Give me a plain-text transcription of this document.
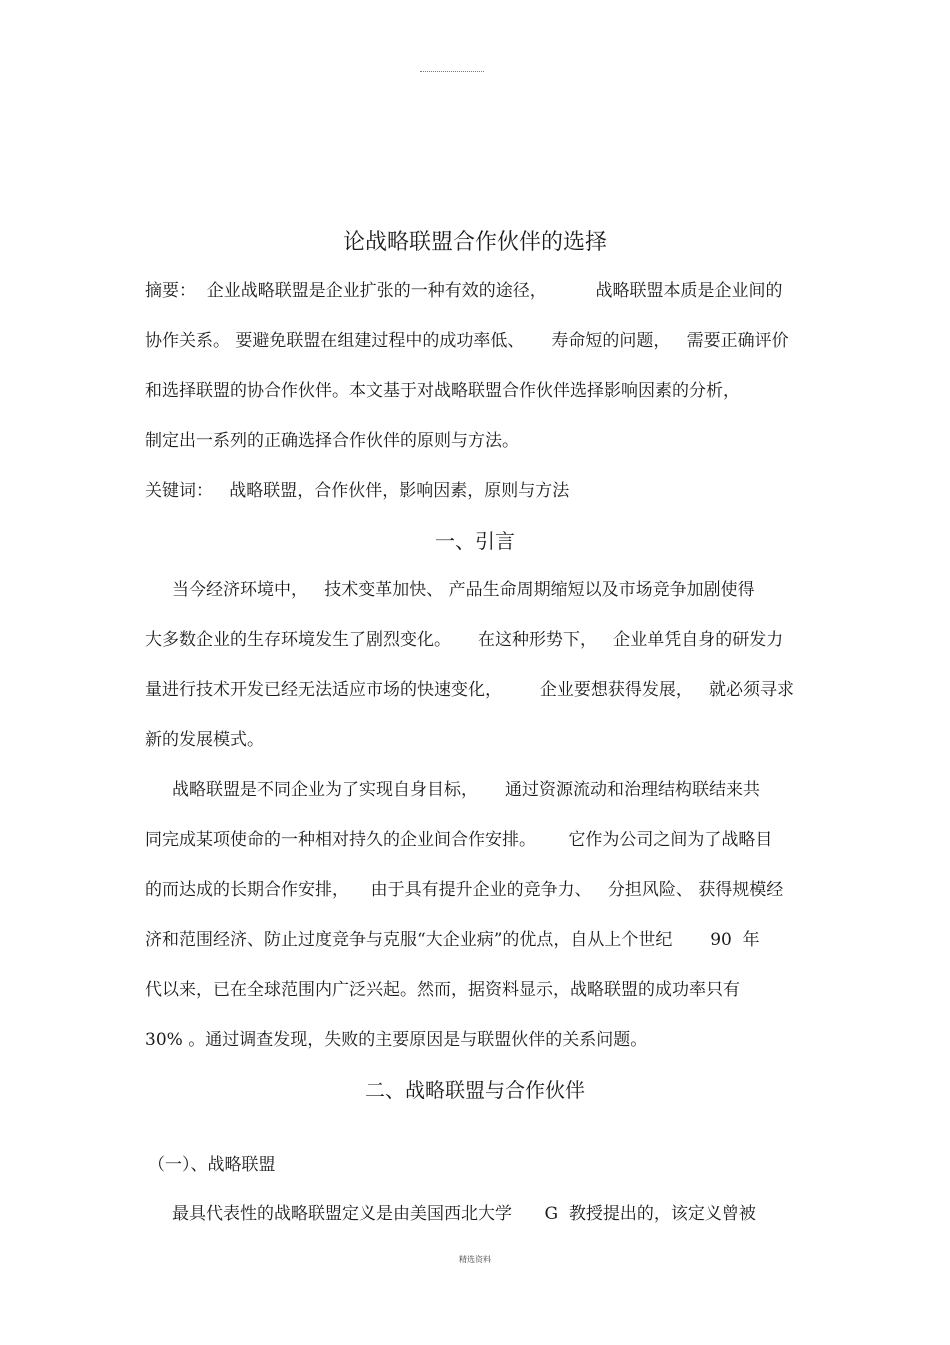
论战略联盟合作伙伴的选择
摘要：  企业战略联盟是企业扩张的一种有效的途径，         战略联盟本质是企业间的
协作关系。 要避免联盟在组建过程中的成功率低、     寿命短的问题，   需要正确评价
和选择联盟的协合作伙伴。本文基于对战略联盟合作伙伴选择影响因素的分析，
制定出一系列的正确选择合作伙伴的原则与方法。
关键词：   战略联盟，合作伙伴，影响因素，原则与方法
一、引言
当今经济环境中，   技术变革加快、 产品生命周期缩短以及市场竞争加剧使得
大多数企业的生存环境发生了剧烈变化。     在这种形势下，   企业单凭自身的研发力
量进行技术开发已经无法适应市场的快速变化，       企业要想获得发展，   就必须寻求
新的发展模式。
战略联盟是不同企业为了实现自身目标，     通过资源流动和治理结构联结来共
同完成某项使命的一种相对持久的企业间合作安排。      它作为公司之间为了战略目
的而达成的长期合作安排，    由于具有提升企业的竞争力、   分担风险、 获得规模经
济和范围经济、防止过度竞争与克服“大企业病”的优点，自从上个世纪       90  年
代以来，已在全球范围内广泛兴起。然而，据资料显示，战略联盟的成功率只有
30% 。通过调查发现，失败的主要原因是与联盟伙伴的关系问题。
二、战略联盟与合作伙伴
（一）、战略联盟
最具代表性的战略联盟定义是由美国西北大学      G  教授提出的，该定义曾被
精选资料
